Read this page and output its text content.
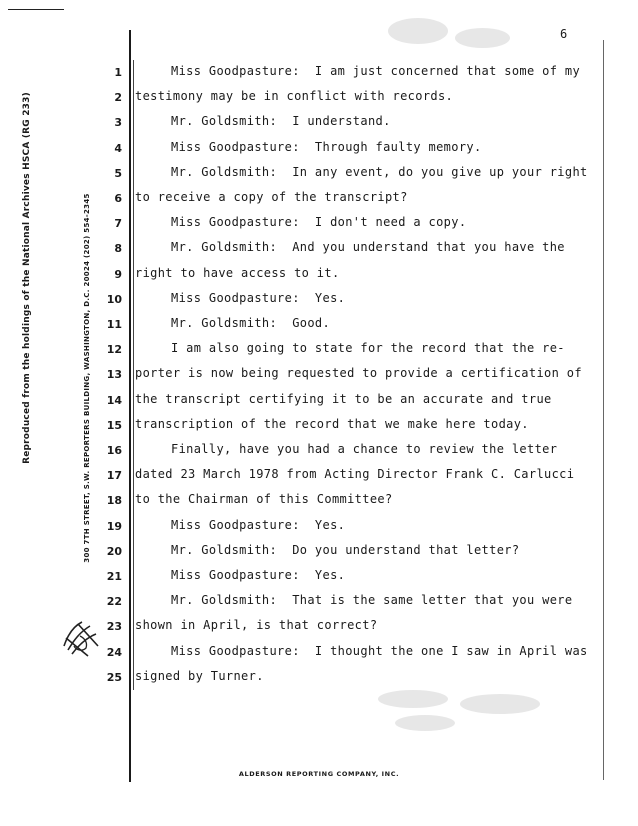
6
Reproduced from the holdings of the National Archives HSCA (RG 233)	300 7TH STREET, S.W. REPORTERS BUILDING, WASHINGTON, D.C. 20024 (202) 554-2345
1	Miss Goodpasture:  I am just concerned that some of my
2 testimony may be in conflict with records.
3	Mr. Goldsmith:  I understand.
4	Miss Goodpasture:  Through faulty memory.
5	Mr. Goldsmith:  In any event, do you give up your right
6 to receive a copy of the transcript?
7	Miss Goodpasture:  I don't need a copy.
8	Mr. Goldsmith:  And you understand that you have the
9 right to have access to it.
10	Miss Goodpasture:  Yes.
11	Mr. Goldsmith:  Good.
12	I am also going to state for the record that the re-
13 porter is now being requested to provide a certification of
14 the transcript certifying it to be an accurate and true
15 transcription of the record that we make here today.
16	Finally, have you had a chance to review the letter
17 dated 23 March 1978 from Acting Director Frank C. Carlucci
18 to the Chairman of this Committee?
19	Miss Goodpasture:  Yes.
20	Mr. Goldsmith:  Do you understand that letter?
21	Miss Goodpasture:  Yes.
22	Mr. Goldsmith:  That is the same letter that you were
23 shown in April, is that correct?
24	Miss Goodpasture:  I thought the one I saw in April was
25 signed by Turner.
ALDERSON REPORTING COMPANY, INC.
